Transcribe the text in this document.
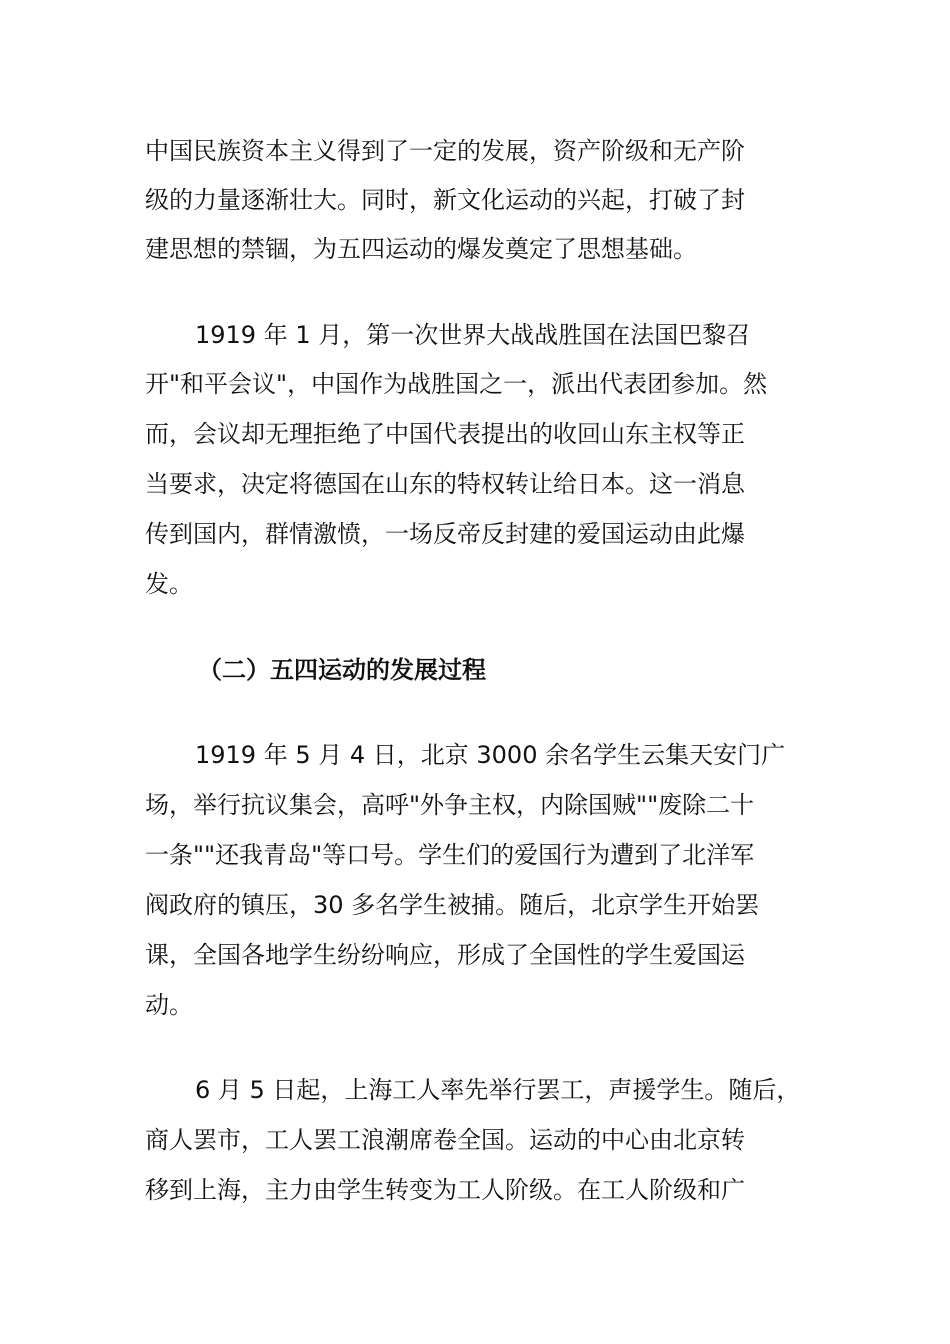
中国民族资本主义得到了一定的发展，资产阶级和无产阶
级的力量逐渐壮大。同时，新文化运动的兴起，打破了封
建思想的禁锢，为五四运动的爆发奠定了思想基础。
1919 年 1 月，第一次世界大战战胜国在法国巴黎召
开"和平会议"，中国作为战胜国之一，派出代表团参加。然
而，会议却无理拒绝了中国代表提出的收回山东主权等正
当要求，决定将德国在山东的特权转让给日本。这一消息
传到国内，群情激愤，一场反帝反封建的爱国运动由此爆
发。
（二）五四运动的发展过程
1919 年 5 月 4 日，北京 3000 余名学生云集天安门广
场，举行抗议集会，高呼"外争主权，内除国贼""废除二十
一条""还我青岛"等口号。学生们的爱国行为遭到了北洋军
阀政府的镇压，30 多名学生被捕。随后，北京学生开始罢
课，全国各地学生纷纷响应，形成了全国性的学生爱国运
动。
6 月 5 日起，上海工人率先举行罢工，声援学生。随后，
商人罢市，工人罢工浪潮席卷全国。运动的中心由北京转
移到上海，主力由学生转变为工人阶级。在工人阶级和广
